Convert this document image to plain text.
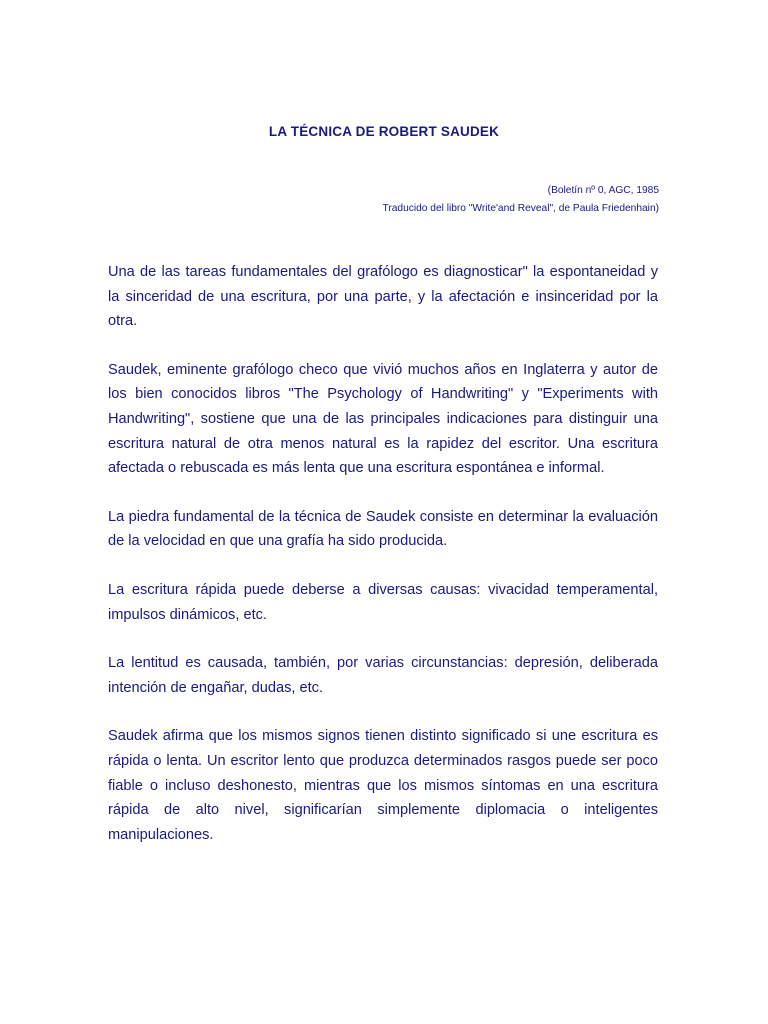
LA TÉCNICA DE ROBERT SAUDEK
(Boletín nº 0, AGC, 1985
Traducido del libro "Write'and Reveal", de Paula Friedenhain)

Una de las tareas fundamentales del grafólogo es diagnosticar" la espontaneidad y la sinceridad de una escritura, por una parte, y la afectación e insinceridad por la otra.

Saudek, eminente grafólogo checo que vivió muchos años en Inglaterra y autor de los bien conocidos libros "The Psychology of Handwriting" y "Experiments with Handwriting", sostiene que una de las principales indicaciones para distinguir una escritura natural de otra menos natural es la rapidez del escritor. Una escritura afectada o rebuscada es más lenta que una escritura espontánea e informal.

La piedra fundamental de la técnica de Saudek consiste en determinar la evaluación de la velocidad en que una grafía ha sido producida.

La escritura rápida puede deberse a diversas causas: vivacidad temperamental, impulsos dinámicos, etc.

La lentitud es causada, también, por varias circunstancias: depresión, deliberada intención de engañar, dudas, etc.

Saudek afirma que los mismos signos tienen distinto significado si une escritura es rápida o lenta. Un escritor lento que produzca determinados rasgos puede ser poco fiable o incluso deshonesto, mientras que los mismos síntomas en una escritura rápida de alto nivel, significarían simplemente diplomacia o inteligentes manipulaciones.
